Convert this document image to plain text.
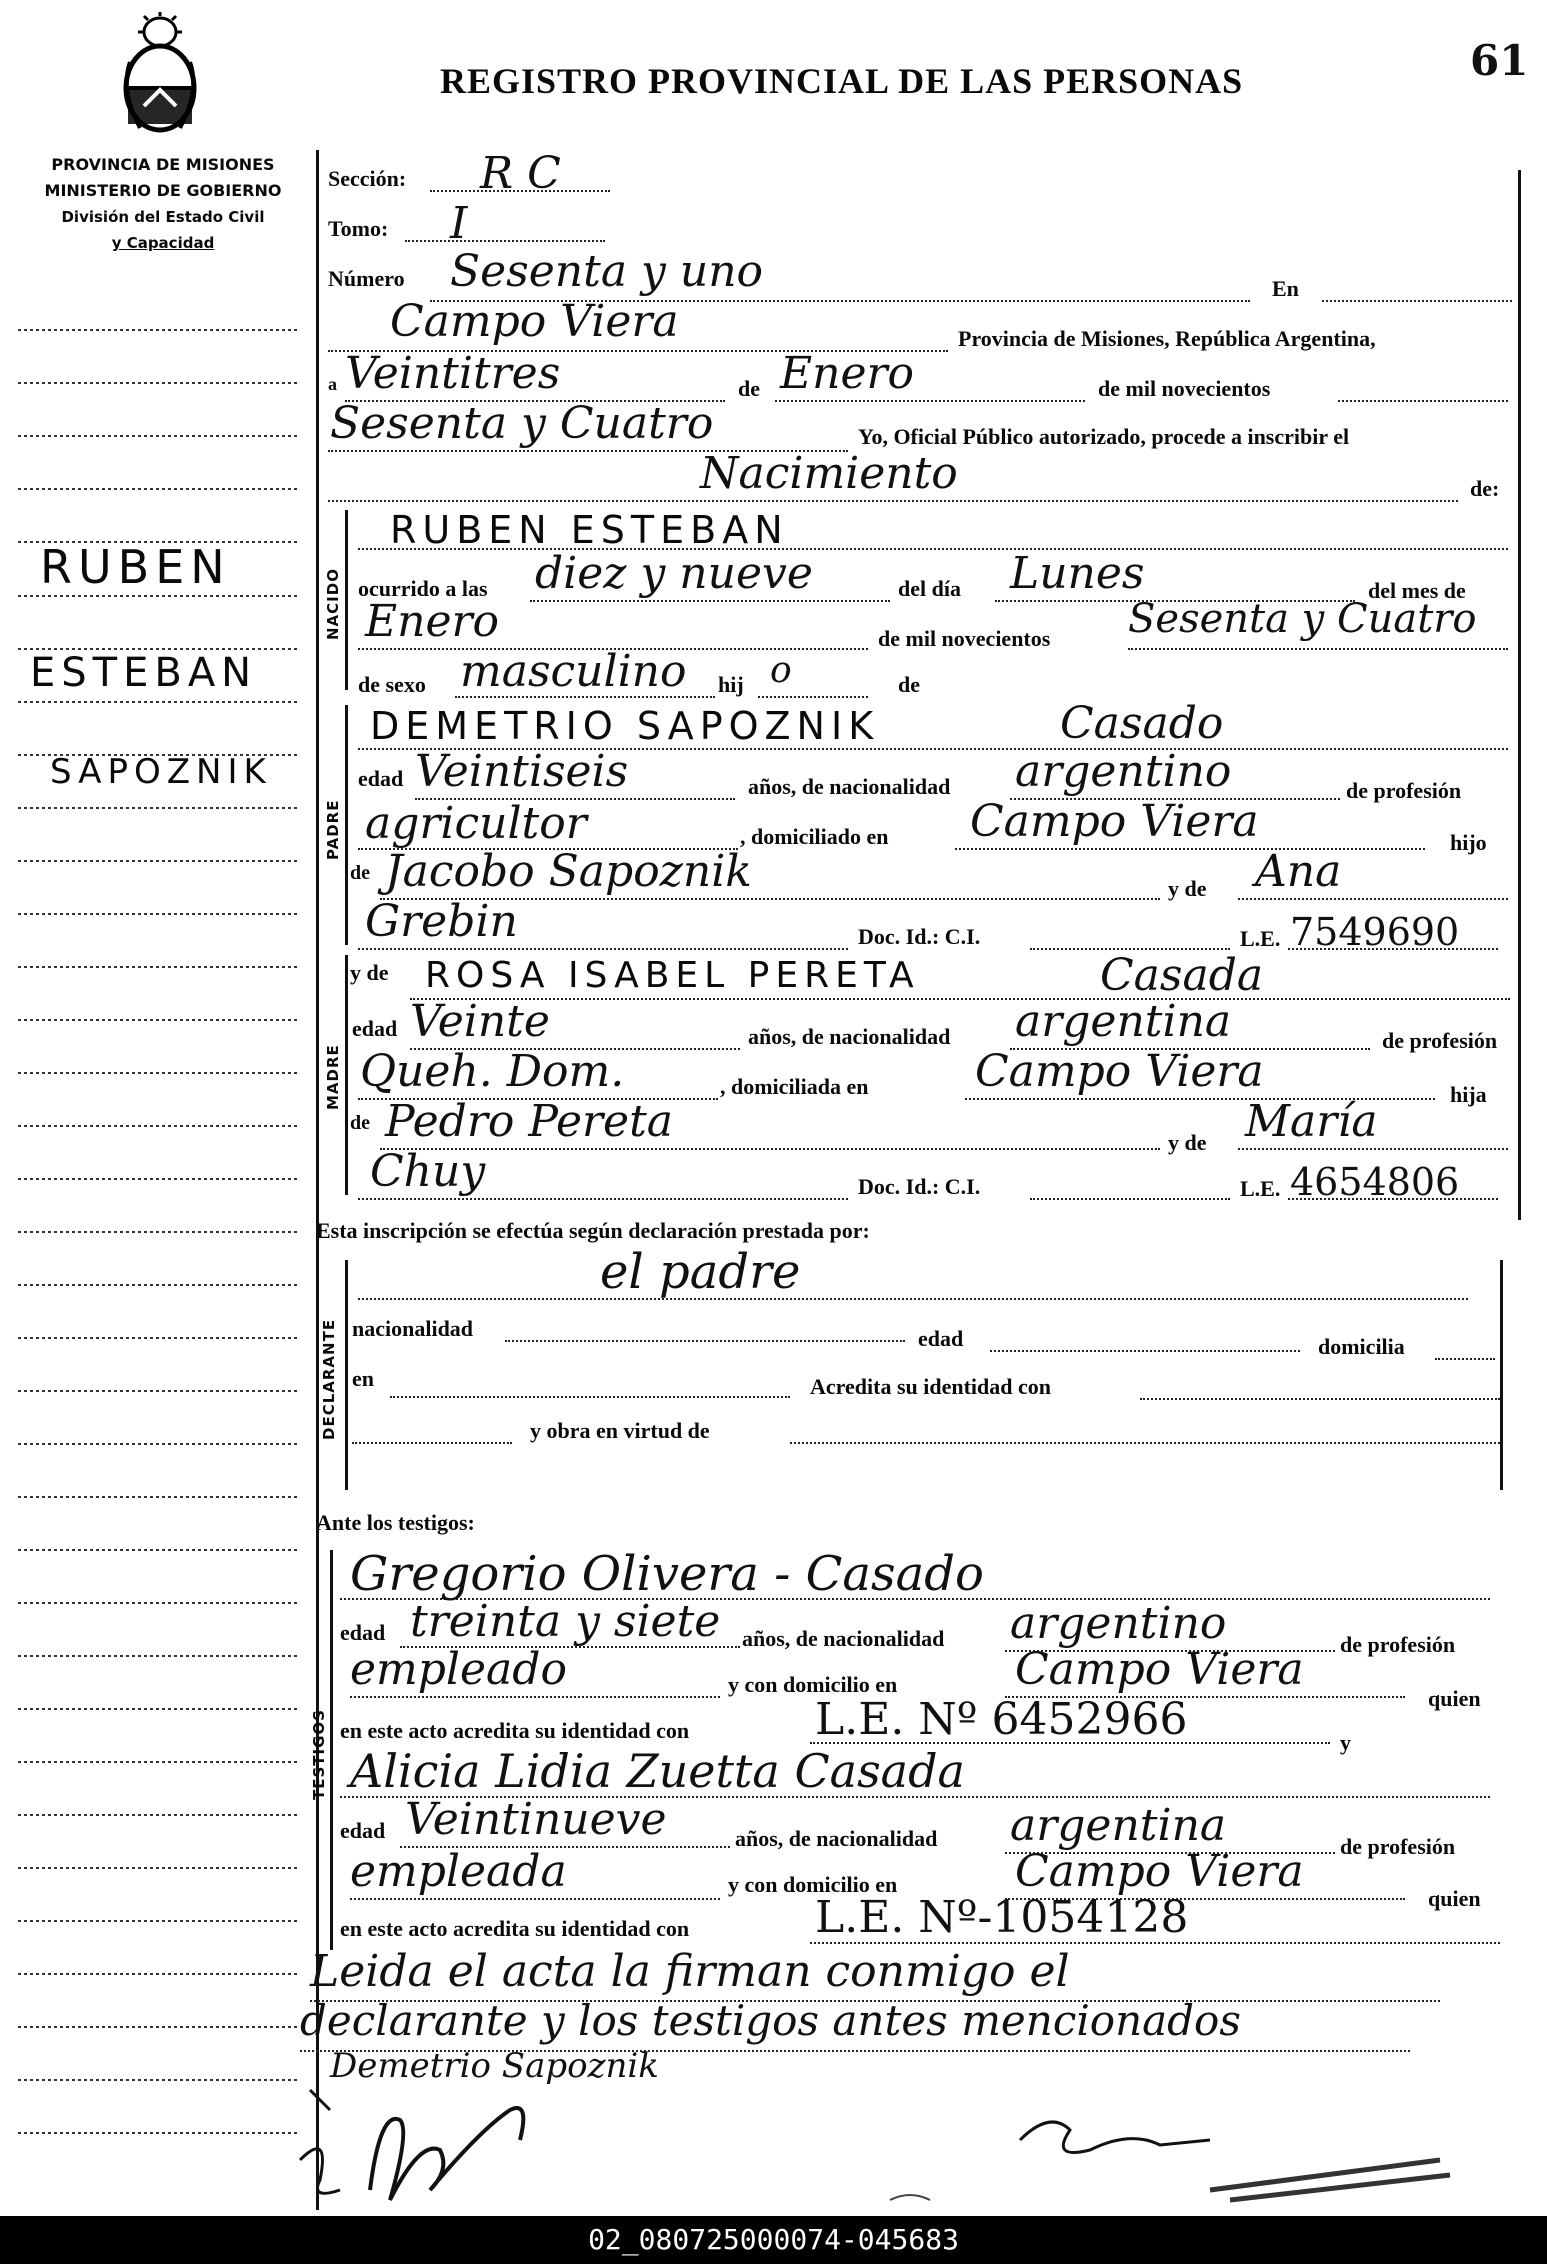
REGISTRO PROVINCIAL DE LAS PERSONAS	61
PROVINCIA DE MISIONES
MINISTERIO DE GOBIERNO
División del Estado Civil
y Capacidad
RUBEN
ESTEBAN
SAPOZNIK
NACIDO
PADRE
MADRE
DECLARANTE
TESTIGOS
Sección: R C
Tomo: I
Número Sesenta y uno	En
Campo Viera	Provincia de Misiones, República Argentina,
a Veintitres	de Enero	de mil novecientos
Sesenta y Cuatro	Yo, Oficial Público autorizado, procede a inscribir el
Nacimiento	de:
RUBEN ESTEBAN
ocurrido a las diez y nueve	del día Lunes	del mes de
Enero	de mil novecientos Sesenta y Cuatro
de sexo masculino hij o	de
DEMETRIO SAPOZNIK	Casado
edad Veintiseis	años, de nacionalidad argentino	de profesión
agricultor	, domiciliado en Campo Viera	hijo
de Jacobo Sapoznik	y de Ana
Grebin	Doc. Id.: C.I.	L.E. 7549690
y de ROSA ISABEL PERETA	Casada
edad Veinte	años, de nacionalidad argentina	de profesión
Queh. Dom.	, domiciliada en Campo Viera	hija
de Pedro Pereta	y de María
Chuy	Doc. Id.: C.I.	L.E. 4654806
Esta inscripción se efectúa según declaración prestada por:
el padre
nacionalidad	edad	domicilia
en	Acredita su identidad con
y obra en virtud de
Ante los testigos:
Gregorio Olivera - Casado
edad treinta y siete años, de nacionalidad argentino	de profesión
empleado	y con domicilio en	Campo Viera
quien
en este acto acredita su identidad con	L.E. Nº 6452966	y
Alicia Lidia Zuetta Casada
edad Veintinueve	años, de nacionalidad argentina	de profesión
empleada	y con domicilio en	Campo Viera
quien
en este acto acredita su identidad con	L.E. Nº-1054128
Leida el acta la firman conmigo el
declarante y los testigos antes mencionados
Demetrio Sapoznik
02_080725000074-045683
